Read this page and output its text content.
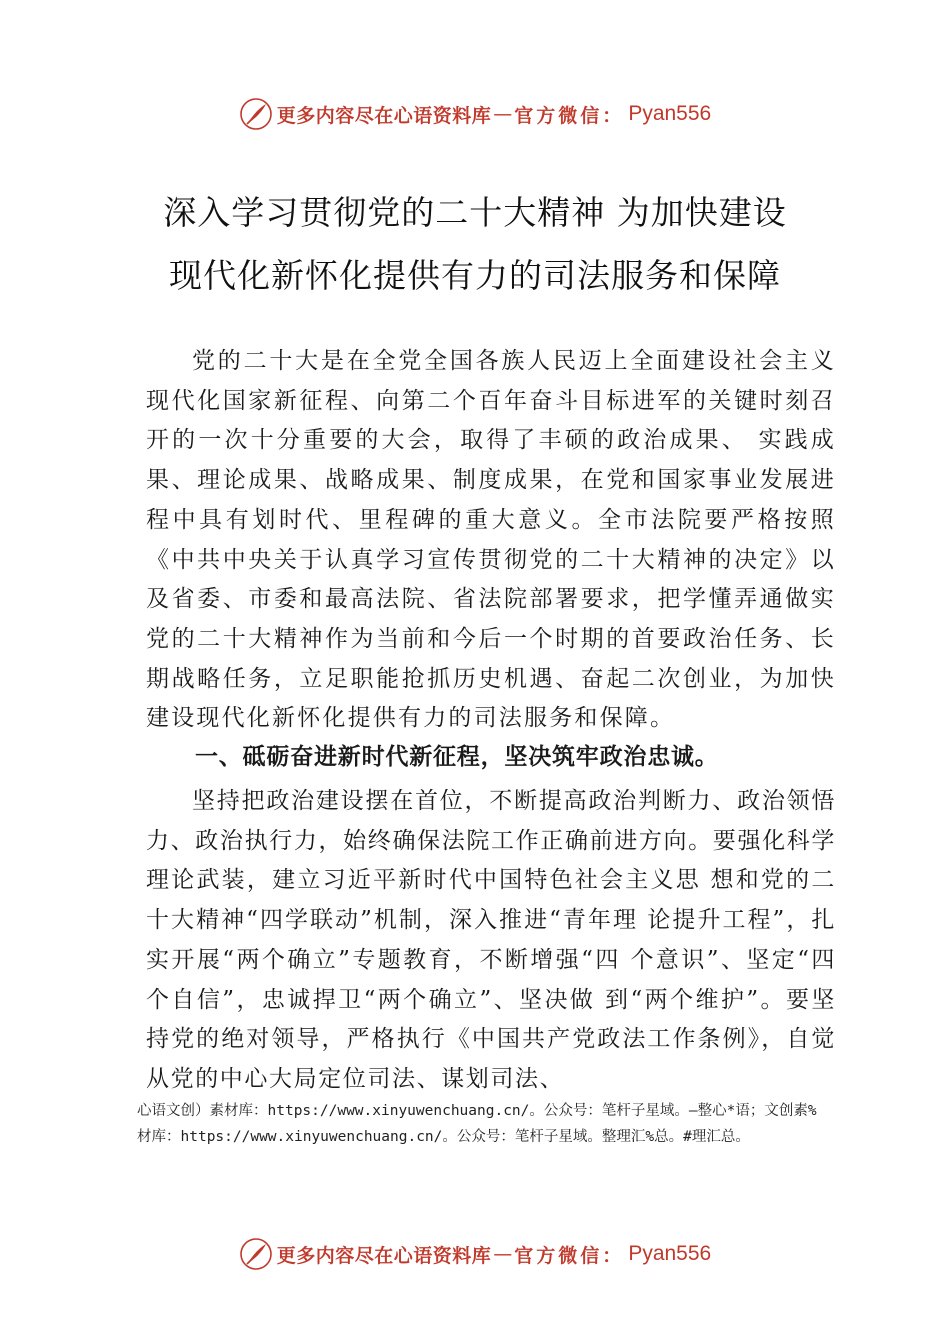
更多内容尽在心语资料库 — 官方微信： Pyan556
深入学习贯彻党的二十大精神 为加快建设
现代化新怀化提供有力的司法服务和保障

党的二十大是在全党全国各族人民迈上全面建设社会主义现代化国家新征程、向第二个百年奋斗目标进军的关键时刻召开的一次十分重要的大会，取得了丰硕的政治成果、 实践成果、理论成果、战略成果、制度成果，在党和国家事业发展进程中具有划时代、里程碑的重大意义。全市法院要严格按照《中共中央关于认真学习宣传贯彻党的二十大精神的决定》以及省委、市委和最高法院、省法院部署要求，把学懂弄通做实党的二十大精神作为当前和今后一个时期的首要政治任务、长期战略任务，立足职能抢抓历史机遇、奋起二次创业，为加快建设现代化新怀化提供有力的司法服务和保障。

一、砥砺奋进新时代新征程，坚决筑牢政治忠诚。

坚持把政治建设摆在首位，不断提高政治判断力、政治领悟力、政治执行力，始终确保法院工作正确前进方向。要强化科学理论武装，建立习近平新时代中国特色社会主义思 想和党的二十大精神“四学联动”机制，深入推进“青年理 论提升工程”，扎实开展“两个确立”专题教育，不断增强“四 个意识”、坚定“四个自信”，忠诚捍卫“两个确立”、坚决做 到“两个维护”。要坚持党的绝对领导，严格执行《中国共产党政法工作条例》，自觉从党的中心大局定位司法、谋划司法、

心语文创）素材库：https://www.xinyuwenchuang.cn/。公众号：笔杆子星域。—整心*语；文创素%材库：https://www.xinyuwenchuang.cn/。公众号：笔杆子星域。整理汇%总。#理汇总。
更多内容尽在心语资料库 — 官方微信： Pyan556
